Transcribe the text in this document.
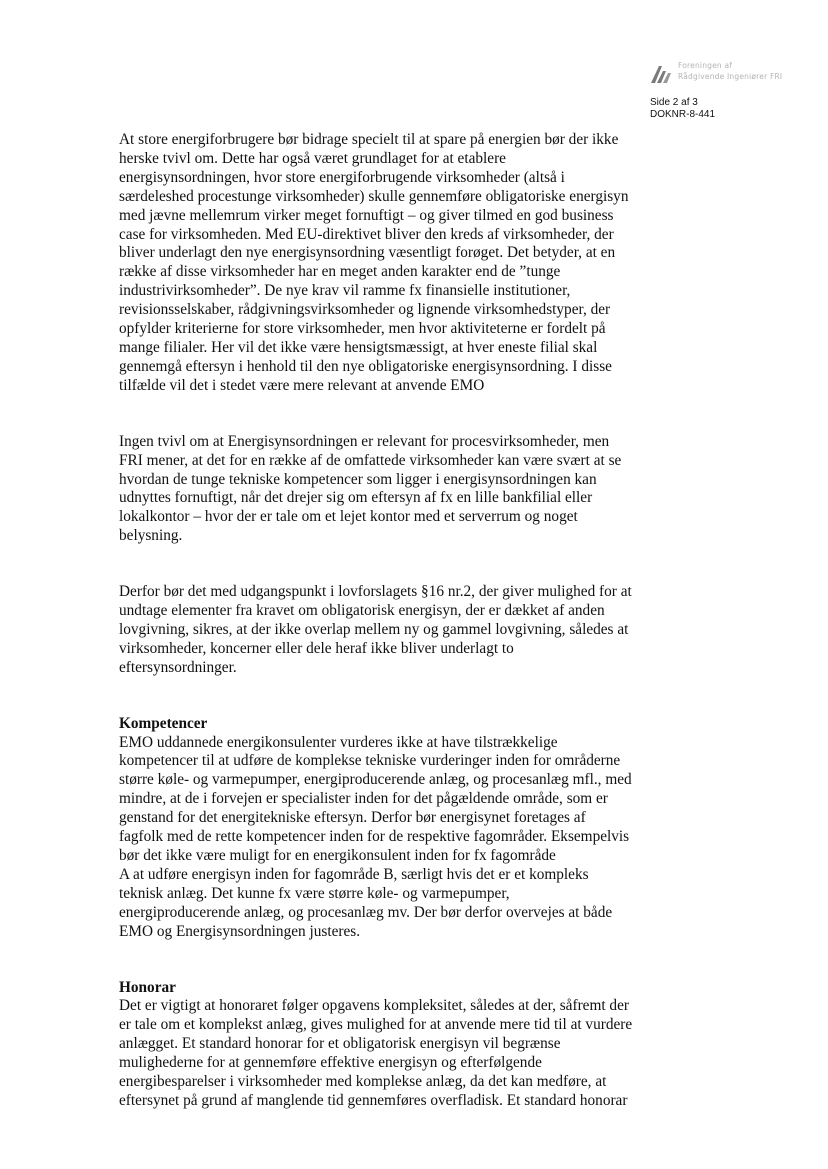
Foreningen af
Rådgivende Ingeniører FRI
Side 2 af 3
DOKNR-8-441

At store energiforbrugere bør bidrage specielt til at spare på energien bør der ikke

herske tvivl om. Dette har også været grundlaget for at etablere

energisynsordningen, hvor store energiforbrugende virksomheder (altså i

særdeleshed procestunge virksomheder) skulle gennemføre obligatoriske energisyn

med jævne mellemrum virker meget fornuftigt – og giver tilmed en god business

case for virksomheden. Med EU-direktivet bliver den kreds af virksomheder, der

bliver underlagt den nye energisynsordning væsentligt forøget. Det betyder, at en

række af disse virksomheder har en meget anden karakter end de ”tunge

industrivirksomheder”. De nye krav vil ramme fx finansielle institutioner,

revisionsselskaber, rådgivningsvirksomheder og lignende virksomhedstyper, der

opfylder kriterierne for store virksomheder, men hvor aktiviteterne er fordelt på

mange filialer. Her vil det ikke være hensigtsmæssigt, at hver eneste filial skal

gennemgå eftersyn i henhold til den nye obligatoriske energisynsordning. I disse

tilfælde vil det i stedet være mere relevant at anvende EMO

Ingen tvivl om at Energisynsordningen er relevant for procesvirksomheder, men

FRI mener, at det for en række af de omfattede virksomheder kan være svært at se

hvordan de tunge tekniske kompetencer som ligger i energisynsordningen kan

udnyttes fornuftigt, når det drejer sig om eftersyn af fx en lille bankfilial eller

lokalkontor – hvor der er tale om et lejet kontor med et serverrum og noget

belysning.

Derfor bør det med udgangspunkt i lovforslagets §16 nr.2, der giver mulighed for at

undtage elementer fra kravet om obligatorisk energisyn, der er dækket af anden

lovgivning, sikres, at der ikke overlap mellem ny og gammel lovgivning, således at

virksomheder, koncerner eller dele heraf ikke bliver underlagt to

eftersynsordninger.

Kompetencer

EMO uddannede energikonsulenter vurderes ikke at have tilstrækkelige

kompetencer til at udføre de komplekse tekniske vurderinger inden for områderne

større køle- og varmepumper, energiproducerende anlæg, og procesanlæg mfl., med

mindre, at de i forvejen er specialister inden for det pågældende område, som er

genstand for det energitekniske eftersyn. Derfor bør energisynet foretages af

fagfolk med de rette kompetencer inden for de respektive fagområder. Eksempelvis

bør det ikke være muligt for en energikonsulent inden for fx fagområde

A at udføre energisyn inden for fagområde B, særligt hvis det er et kompleks

teknisk anlæg. Det kunne fx være større køle- og varmepumper,

energiproducerende anlæg, og procesanlæg mv. Der bør derfor overvejes at både

EMO og Energisynsordningen justeres.

Honorar

Det er vigtigt at honoraret følger opgavens kompleksitet, således at der, såfremt der

er tale om et komplekst anlæg, gives mulighed for at anvende mere tid til at vurdere

anlægget. Et standard honorar for et obligatorisk energisyn vil begrænse

mulighederne for at gennemføre effektive energisyn og efterfølgende

energibesparelser i virksomheder med komplekse anlæg, da det kan medføre, at

eftersynet på grund af manglende tid gennemføres overfladisk. Et standard honorar
